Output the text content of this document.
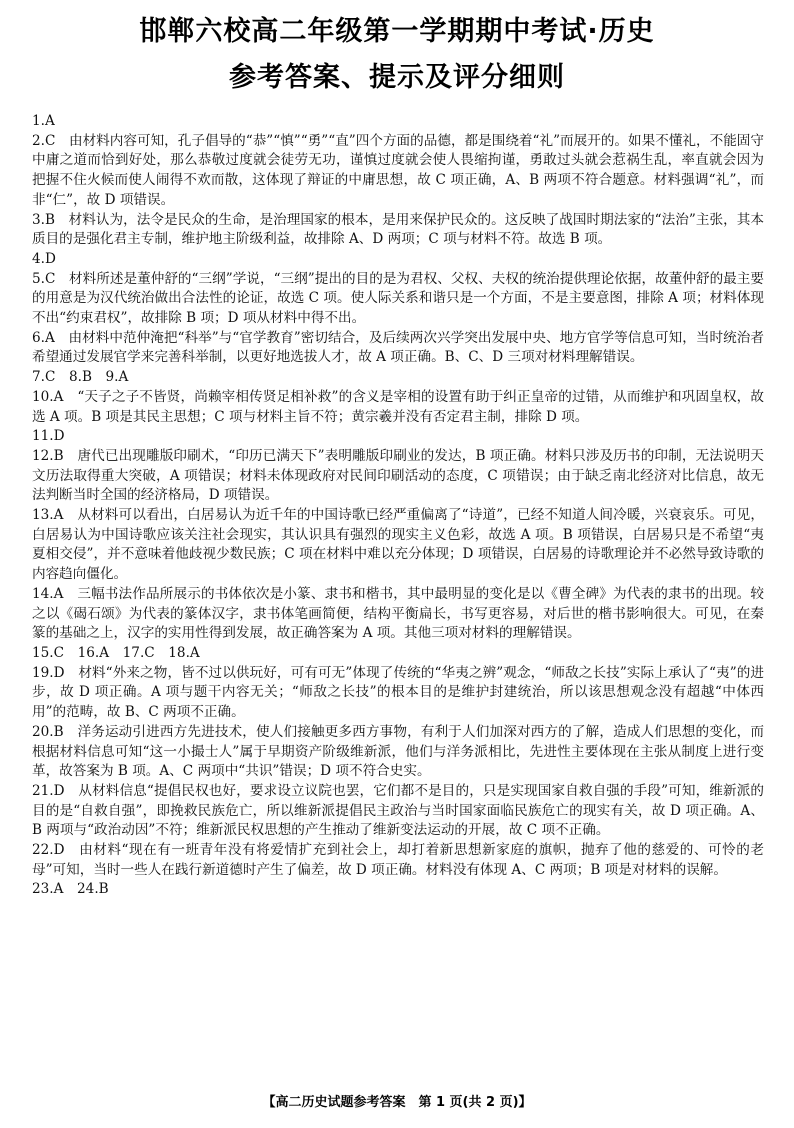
邯郸六校高二年级第一学期期中考试·历史
参考答案、提示及评分细则
1.A
2.C　 由材料内容可知，孔子倡导的“恭”“慎”“勇”“直”四个方面的品德，都是围绕着“礼”而展开的。如果不懂礼，不能固守中庸之道而恰到好处，那么恭敬过度就会徒劳无功，谨慎过度就会使人畏缩拘谨，勇敢过头就会惹祸生乱，率直就会因为把握不住火候而使人闹得不欢而散，这体现了辩证的中庸思想，故 C 项正确，A、B 两项不符合题意。材料强调“礼”，而非“仁”，故 D 项错误。
3.B　 材料认为，法令是民众的生命，是治理国家的根本，是用来保护民众的。这反映了战国时期法家的“法治”主张，其本质目的是强化君主专制，维护地主阶级利益，故排除 A、D 两项；C 项与材料不符。故选 B 项。
4.D
5.C　 材料所述是董仲舒的“三纲”学说，“三纲”提出的目的是为君权、父权、夫权的统治提供理论依据，故董仲舒的最主要的用意是为汉代统治做出合法性的论证，故选 C 项。使人际关系和谐只是一个方面，不是主要意图，排除 A 项；材料体现不出“约束君权”，故排除 B 项；D 项从材料中得不出。
6.A　 由材料中范仲淹把“科举”与“官学教育”密切结合，及后续两次兴学突出发展中央、地方官学等信息可知，当时统治者希望通过发展官学来完善科举制，以更好地选拔人才，故 A 项正确。B、C、D 三项对材料理解错误。
7.C　 8.B　9.A
10.A　 “天子之子不皆贤，尚赖宰相传贤足相补救”的含义是宰相的设置有助于纠正皇帝的过错，从而维护和巩固皇权，故选 A 项。B 项是其民主思想；C 项与材料主旨不符；黄宗羲并没有否定君主制，排除 D 项。
11.D
12.B　 唐代已出现雕版印刷术，“印历已满天下”表明雕版印刷业的发达，B 项正确。材料只涉及历书的印制，无法说明天文历法取得重大突破，A 项错误；材料未体现政府对民间印刷活动的态度，C 项错误；由于缺乏南北经济对比信息，故无法判断当时全国的经济格局，D 项错误。
13.A　 从材料可以看出，白居易认为近千年的中国诗歌已经严重偏离了“诗道”，已经不知道人间冷暖，兴衰哀乐。可见，白居易认为中国诗歌应该关注社会现实，其认识具有强烈的现实主义色彩，故选 A 项。B 项错误，白居易只是不希望“夷夏相交侵”，并不意味着他歧视少数民族；C 项在材料中难以充分体现；D 项错误，白居易的诗歌理论并不必然导致诗歌的内容趋向僵化。
14.A　 三幅书法作品所展示的书体依次是小篆、隶书和楷书，其中最明显的变化是以《曹全碑》为代表的隶书的出现。较之以《碣石颂》为代表的篆体汉字，隶书体笔画简便，结构平衡扁长，书写更容易，对后世的楷书影响很大。可见，在秦篆的基础之上，汉字的实用性得到发展，故正确答案为 A 项。其他三项对材料的理解错误。
15.C　 16.A　17.C　18.A
19.D　 材料“外来之物，皆不过以供玩好，可有可无”体现了传统的“华夷之辨”观念，“师敌之长技”实际上承认了“夷”的进步，故 D 项正确。A 项与题干内容无关；“师敌之长技”的根本目的是维护封建统治，所以该思想观念没有超越“中体西用”的范畴，故 B、C 两项不正确。
20.B　 洋务运动引进西方先进技术，使人们接触更多西方事物，有利于人们加深对西方的了解，造成人们思想的变化，而根据材料信息可知“这一小撮士人”属于早期资产阶级维新派，他们与洋务派相比，先进性主要体现在主张从制度上进行变革，故答案为 B 项。A、C 两项中“共识”错误；D 项不符合史实。
21.D　 从材料信息“提倡民权也好，要求设立议院也罢，它们都不是目的，只是实现国家自救自强的手段”可知，维新派的目的是“自救自强”，即挽救民族危亡，所以维新派提倡民主政治与当时国家面临民族危亡的现实有关，故 D 项正确。A、B 两项与“政治动因”不符；维新派民权思想的产生推动了维新变法运动的开展，故 C 项不正确。
22.D　 由材料“现在有一班青年没有将爱情扩充到社会上，却打着新思想新家庭的旗帜，抛弃了他的慈爱的、可怜的老母”可知，当时一些人在践行新道德时产生了偏差，故 D 项正确。材料没有体现 A、C 两项；B 项是对材料的误解。
23.A　 24.B
【高二历史试题参考答案　第 1 页(共 2 页)】
